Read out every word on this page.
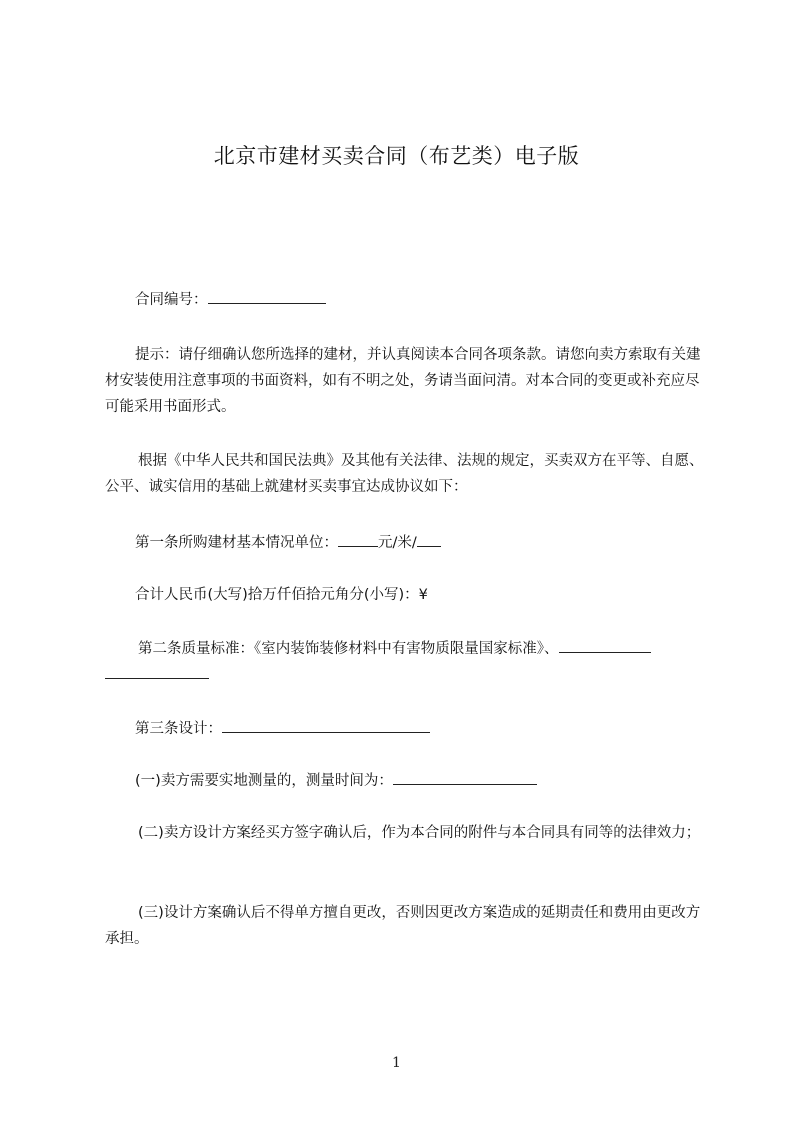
北京市建材买卖合同（布艺类）电子版
合同编号：
提示：请仔细确认您所选择的建材，并认真阅读本合同各项条款。请您向卖方索取有关建材安装使用注意事项的书面资料，如有不明之处，务请当面问清。对本合同的变更或补充应尽可能采用书面形式。
根据《中华人民共和国民法典》及其他有关法律、法规的规定，买卖双方在平等、自愿、公平、诚实信用的基础上就建材买卖事宜达成协议如下：
第一条所购建材基本情况单位：	元/米/
合计人民币(大写)拾万仟佰拾元角分(小写)：¥
第二条质量标准：《室内装饰装修材料中有害物质限量国家标准》、

第三条设计：
(一)卖方需要实地测量的，测量时间为：
(二)卖方设计方案经买方签字确认后，作为本合同的附件与本合同具有同等的法律效力；
(三)设计方案确认后不得单方擅自更改，否则因更改方案造成的延期责任和费用由更改方承担。
1
